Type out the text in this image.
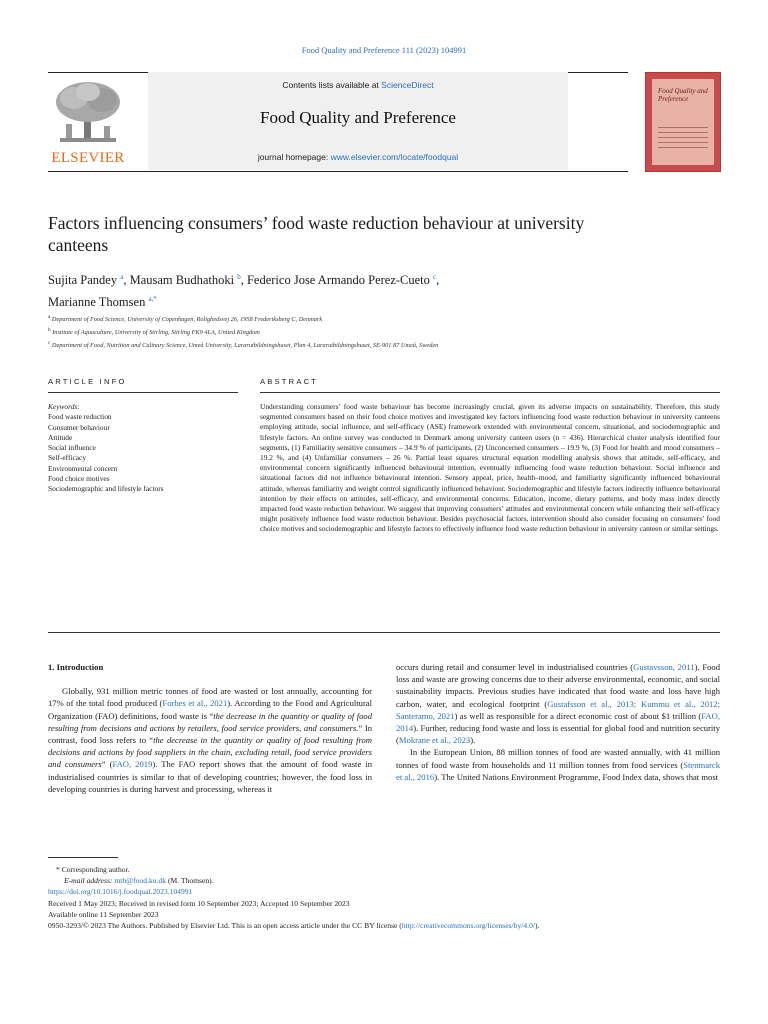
Food Quality and Preference 111 (2023) 104991
ELSEVIER
Contents lists available at ScienceDirect
Food Quality and Preference
journal homepage: www.elsevier.com/locate/foodqual
Food Quality and Preference
Factors influencing consumers’ food waste reduction behaviour at university canteens
Sujita Pandey $^a$, Mausam Budhathoki $^b$, Federico Jose Armando Perez-Cueto $^c$,
Marianne Thomsen $^{a,*}$
$^a$ Department of Food Science, University of Copenhagen, Rolighedsvej 26, 1958 Frederiksberg C, Denmark
$^b$ Institute of Aquaculture, University of Stirling, Stirling FK9 4LA, United Kingdom
$^c$ Department of Food, Nutrition and Culinary Science, Umeå University, Lararutbildningshuset, Plan 4, Lararutbildningshuset, SE-901 87 Umeå, Sweden
ARTICLE INFO	ABSTRACT
Keywords:
Food waste reduction
Consumer behaviour
Attitude
Social influence
Self-efficacy
Environmental concern
Food choice motives
Sociodemographic and lifestyle factors
Understanding consumers’ food waste behaviour has become increasingly crucial, given its adverse impacts on sustainability. Therefore, this study segmented consumers based on their food choice motives and investigated key factors influencing food waste reduction behaviour in university canteens employing attitude, social influence, and self-efficacy (ASE) framework extended with environmental concern, situational, and sociodemographic and lifestyle factors. An online survey was conducted in Denmark among university canteen users (n = 436). Hierarchical cluster analysis identified four segments, (1) Familiarity sensitive consumers – 34.9 % of participants, (2) Unconcerned consumers – 19.9 %, (3) Food for health and mood consumers – 19.2 %, and (4) Unfamiliar consumers – 26 %. Partial least squares structural equation modelling analysis shows that attitude, self-efficacy, and environmental concern significantly influenced behavioural intention, eventually influencing food waste reduction behaviour. Social influence and situational factors did not influence behavioural intention. Sensory appeal, price, health–mood, and familiarity significantly influenced behavioural attitude, whereas familiarity and weight control significantly influenced behaviour. Sociodemographic and lifestyle factors indirectly influence behavioural intention by their effects on attitudes, self-efficacy, and environmental concerns. Education, income, dietary patterns, and body mass index directly impacted food waste reduction behaviour. We suggest that improving consumers’ attitudes and environmental concern while enhancing their self-efficacy might positively influence food waste reduction behaviour. Besides psychosocial factors, intervention should also consider focusing on consumers’ food choice motives and sociodemographic and lifestyle factors to effectively influence food waste reduction behaviour in university canteen or similar settings.
1. Introduction

Globally, 931 million metric tonnes of food are wasted or lost annually, accounting for 17% of the total food produced (Forbes et al., 2021). According to the Food and Agricultural Organization (FAO) definitions, food waste is “the decrease in the quantity or quality of food resulting from decisions and actions by retailers, food service providers, and consumers.” In contrast, food loss refers to “the decrease in the quantity or quality of food resulting from decisions and actions by food suppliers in the chain, excluding retail, food service providers and consumers” (FAO, 2019). The FAO report shows that the amount of food waste in industrialised countries is similar to that of developing countries; however, the food loss in developing countries is during harvest and processing, whereas it

occurs during retail and consumer level in industrialised countries (Gustavsson, 2011). Food loss and waste are growing concerns due to their adverse environmental, economic, and social sustainability impacts. Previous studies have indicated that food waste and loss have high carbon, water, and ecological footprint (Gustafsson et al., 2013; Kummu et al., 2012; Santeramo, 2021) as well as responsible for a direct economic cost of about $1 trillion (FAO, 2014). Further, reducing food waste and loss is essential for global food and nutrition security (Mokrane et al., 2023).

In the European Union, 88 million tonnes of food are wasted annually, with 41 million tonnes of food waste from households and 11 million tonnes from food services (Stenmarck et al., 2016). The United Nations Environment Programme, Food Index data, shows that most

* Corresponding author.
E-mail address: mth@food.ku.dk (M. Thomsen).
https://doi.org/10.1016/j.foodqual.2023.104991
Received 1 May 2023; Received in revised form 10 September 2023; Accepted 10 September 2023
Available online 11 September 2023
0950-3293/© 2023 The Authors. Published by Elsevier Ltd. This is an open access article under the CC BY license (http://creativecommons.org/licenses/by/4.0/).
